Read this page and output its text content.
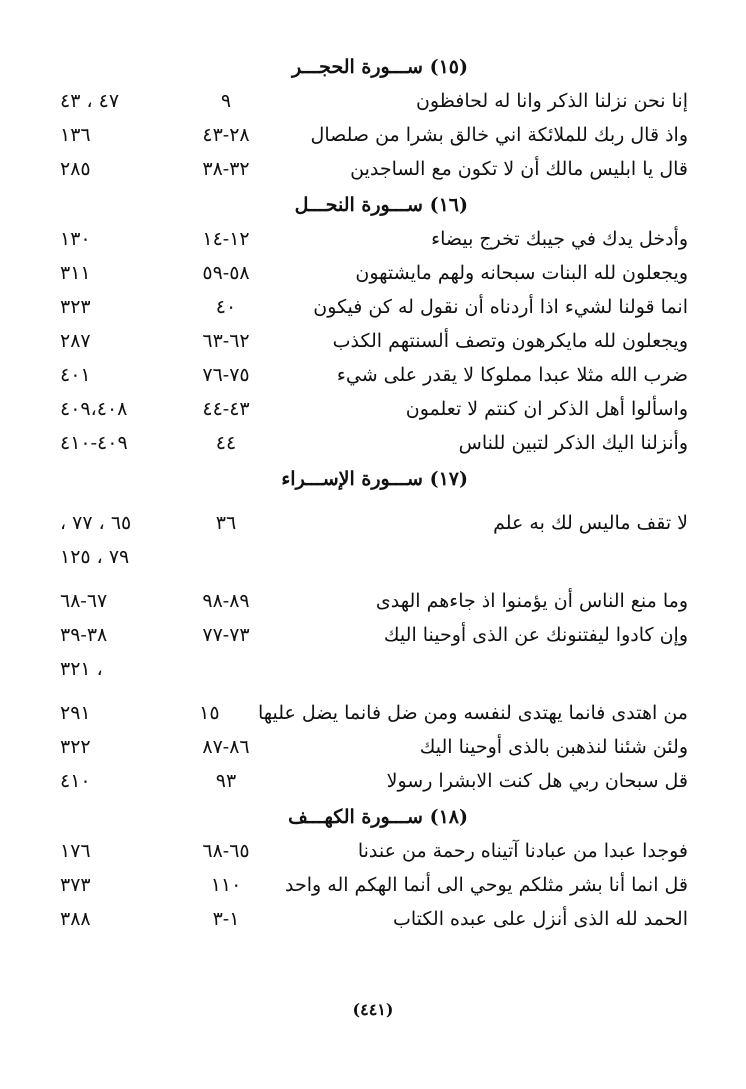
(١٥) ســـورة الحجـــر
إنا نحن نزلنا الذكر وانا له لحافظون
٩
٤٧ ، ٤٣
واذ قال ربك للملائكة اني خالق بشرا من صلصال
٢٨-٤٣
١٣٦
قال يا ابليس مالك أن لا تكون مع الساجدين
٣٢-٣٨
٢٨٥
(١٦) ســـورة النحـــل
وأدخل يدك في جيبك تخرج بيضاء
١٢-١٤
١٣٠
ويجعلون لله البنات سبحانه ولهم مايشتهون
٥٨-٥٩
٣١١
انما قولنا لشيء اذا أردناه أن نقول له كن فيكون
٤٠
٣٢٣
ويجعلون لله مايكرهون وتصف ألسنتهم الكذب
٦٢-٦٣
٢٨٧
ضرب الله مثلا عبدا مملوكا لا يقدر على شيء
٧٥-٧٦
٤٠١
واسألوا أهل الذكر ان كنتم لا تعلمون
٤٣-٤٤
٤٠٩،٤٠٨
وأنزلنا اليك الذكر لتبين للناس
٤٤
٤٠٩-٤١٠
(١٧) ســـورة الإســـراء
لا تقف ماليس لك به علم
٣٦
٦٥ ، ٧٧ ،
٧٩ ، ١٢٥
وما منع الناس أن يؤمنوا اذ جاءهم الهدى
٨٩-٩٨
٦٧-٦٨
وإن كادوا ليفتنونك عن الذى أوحينا اليك
٧٣-٧٧
٣٨-٣٩
، ٣٢١
من اهتدى فانما يهتدى لنفسه ومن ضل فانما يضل عليها
١٥
٢٩١
ولئن شئنا لنذهبن بالذى أوحينا اليك
٨٦-٨٧
٣٢٢
قل سبحان ربي هل كنت الابشرا رسولا
٩٣
٤١٠
(١٨) ســـورة الكهـــف
فوجدا عبدا من عبادنا آتيناه رحمة من عندنا
٦٥-٦٨
١٧٦
قل انما أنا بشر مثلكم يوحي الى أنما الهكم اله واحد
١١٠
٣٧٣
الحمد لله الذى أنزل على عبده الكتاب
١-٣
٣٨٨
(٤٤١)
